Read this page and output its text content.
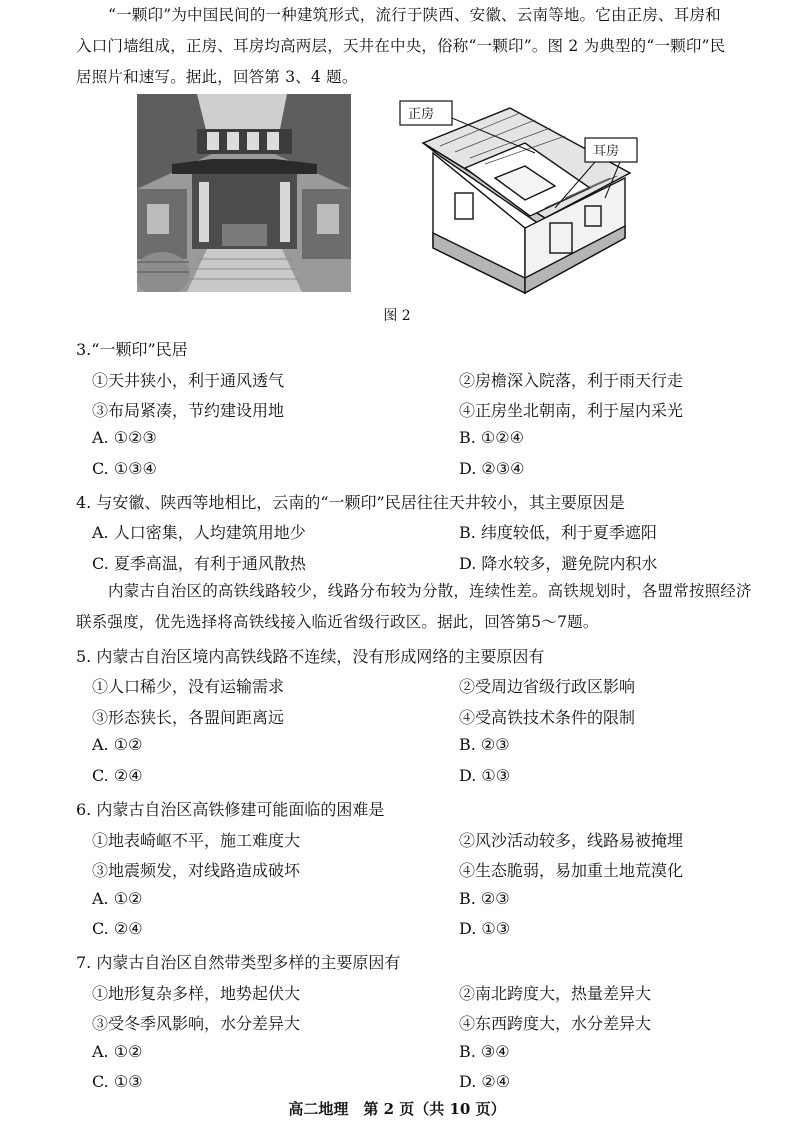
“一颗印”为中国民间的一种建筑形式，流行于陕西、安徽、云南等地。它由正房、耳房和
入口门墙组成，正房、耳房均高两层，天井在中央，俗称“一颗印”。图 2 为典型的“一颗印”民
居照片和速写。据此，回答第 3、4 题。
正房
耳房
图 2
3.“一颗印”民居
①天井狭小，利于通风透气	②房檐深入院落，利于雨天行走
③布局紧凑，节约建设用地	④正房坐北朝南，利于屋内采光
A. ①②③	B. ①②④
C. ①③④	D. ②③④
4. 与安徽、陕西等地相比，云南的“一颗印”民居往往天井较小，其主要原因是
A. 人口密集，人均建筑用地少	B. 纬度较低，利于夏季遮阳
C. 夏季高温，有利于通风散热	D. 降水较多，避免院内积水
内蒙古自治区的高铁线路较少，线路分布较为分散，连续性差。高铁规划时，各盟常按照经济
联系强度，优先选择将高铁线接入临近省级行政区。据此，回答第5～7题。
5. 内蒙古自治区境内高铁线路不连续，没有形成网络的主要原因有
①人口稀少，没有运输需求	②受周边省级行政区影响
③形态狭长，各盟间距离远	④受高铁技术条件的限制
A. ①②	B. ②③
C. ②④	D. ①③
6. 内蒙古自治区高铁修建可能面临的困难是
①地表崎岖不平，施工难度大	②风沙活动较多，线路易被掩埋
③地震频发，对线路造成破坏	④生态脆弱，易加重土地荒漠化
A. ①②	B. ②③
C. ②④	D. ①③
7. 内蒙古自治区自然带类型多样的主要原因有
①地形复杂多样，地势起伏大	②南北跨度大，热量差异大
③受冬季风影响，水分差异大	④东西跨度大，水分差异大
A. ①②	B. ③④
C. ①③	D. ②④
高二地理　第 2 页（共 10 页）
